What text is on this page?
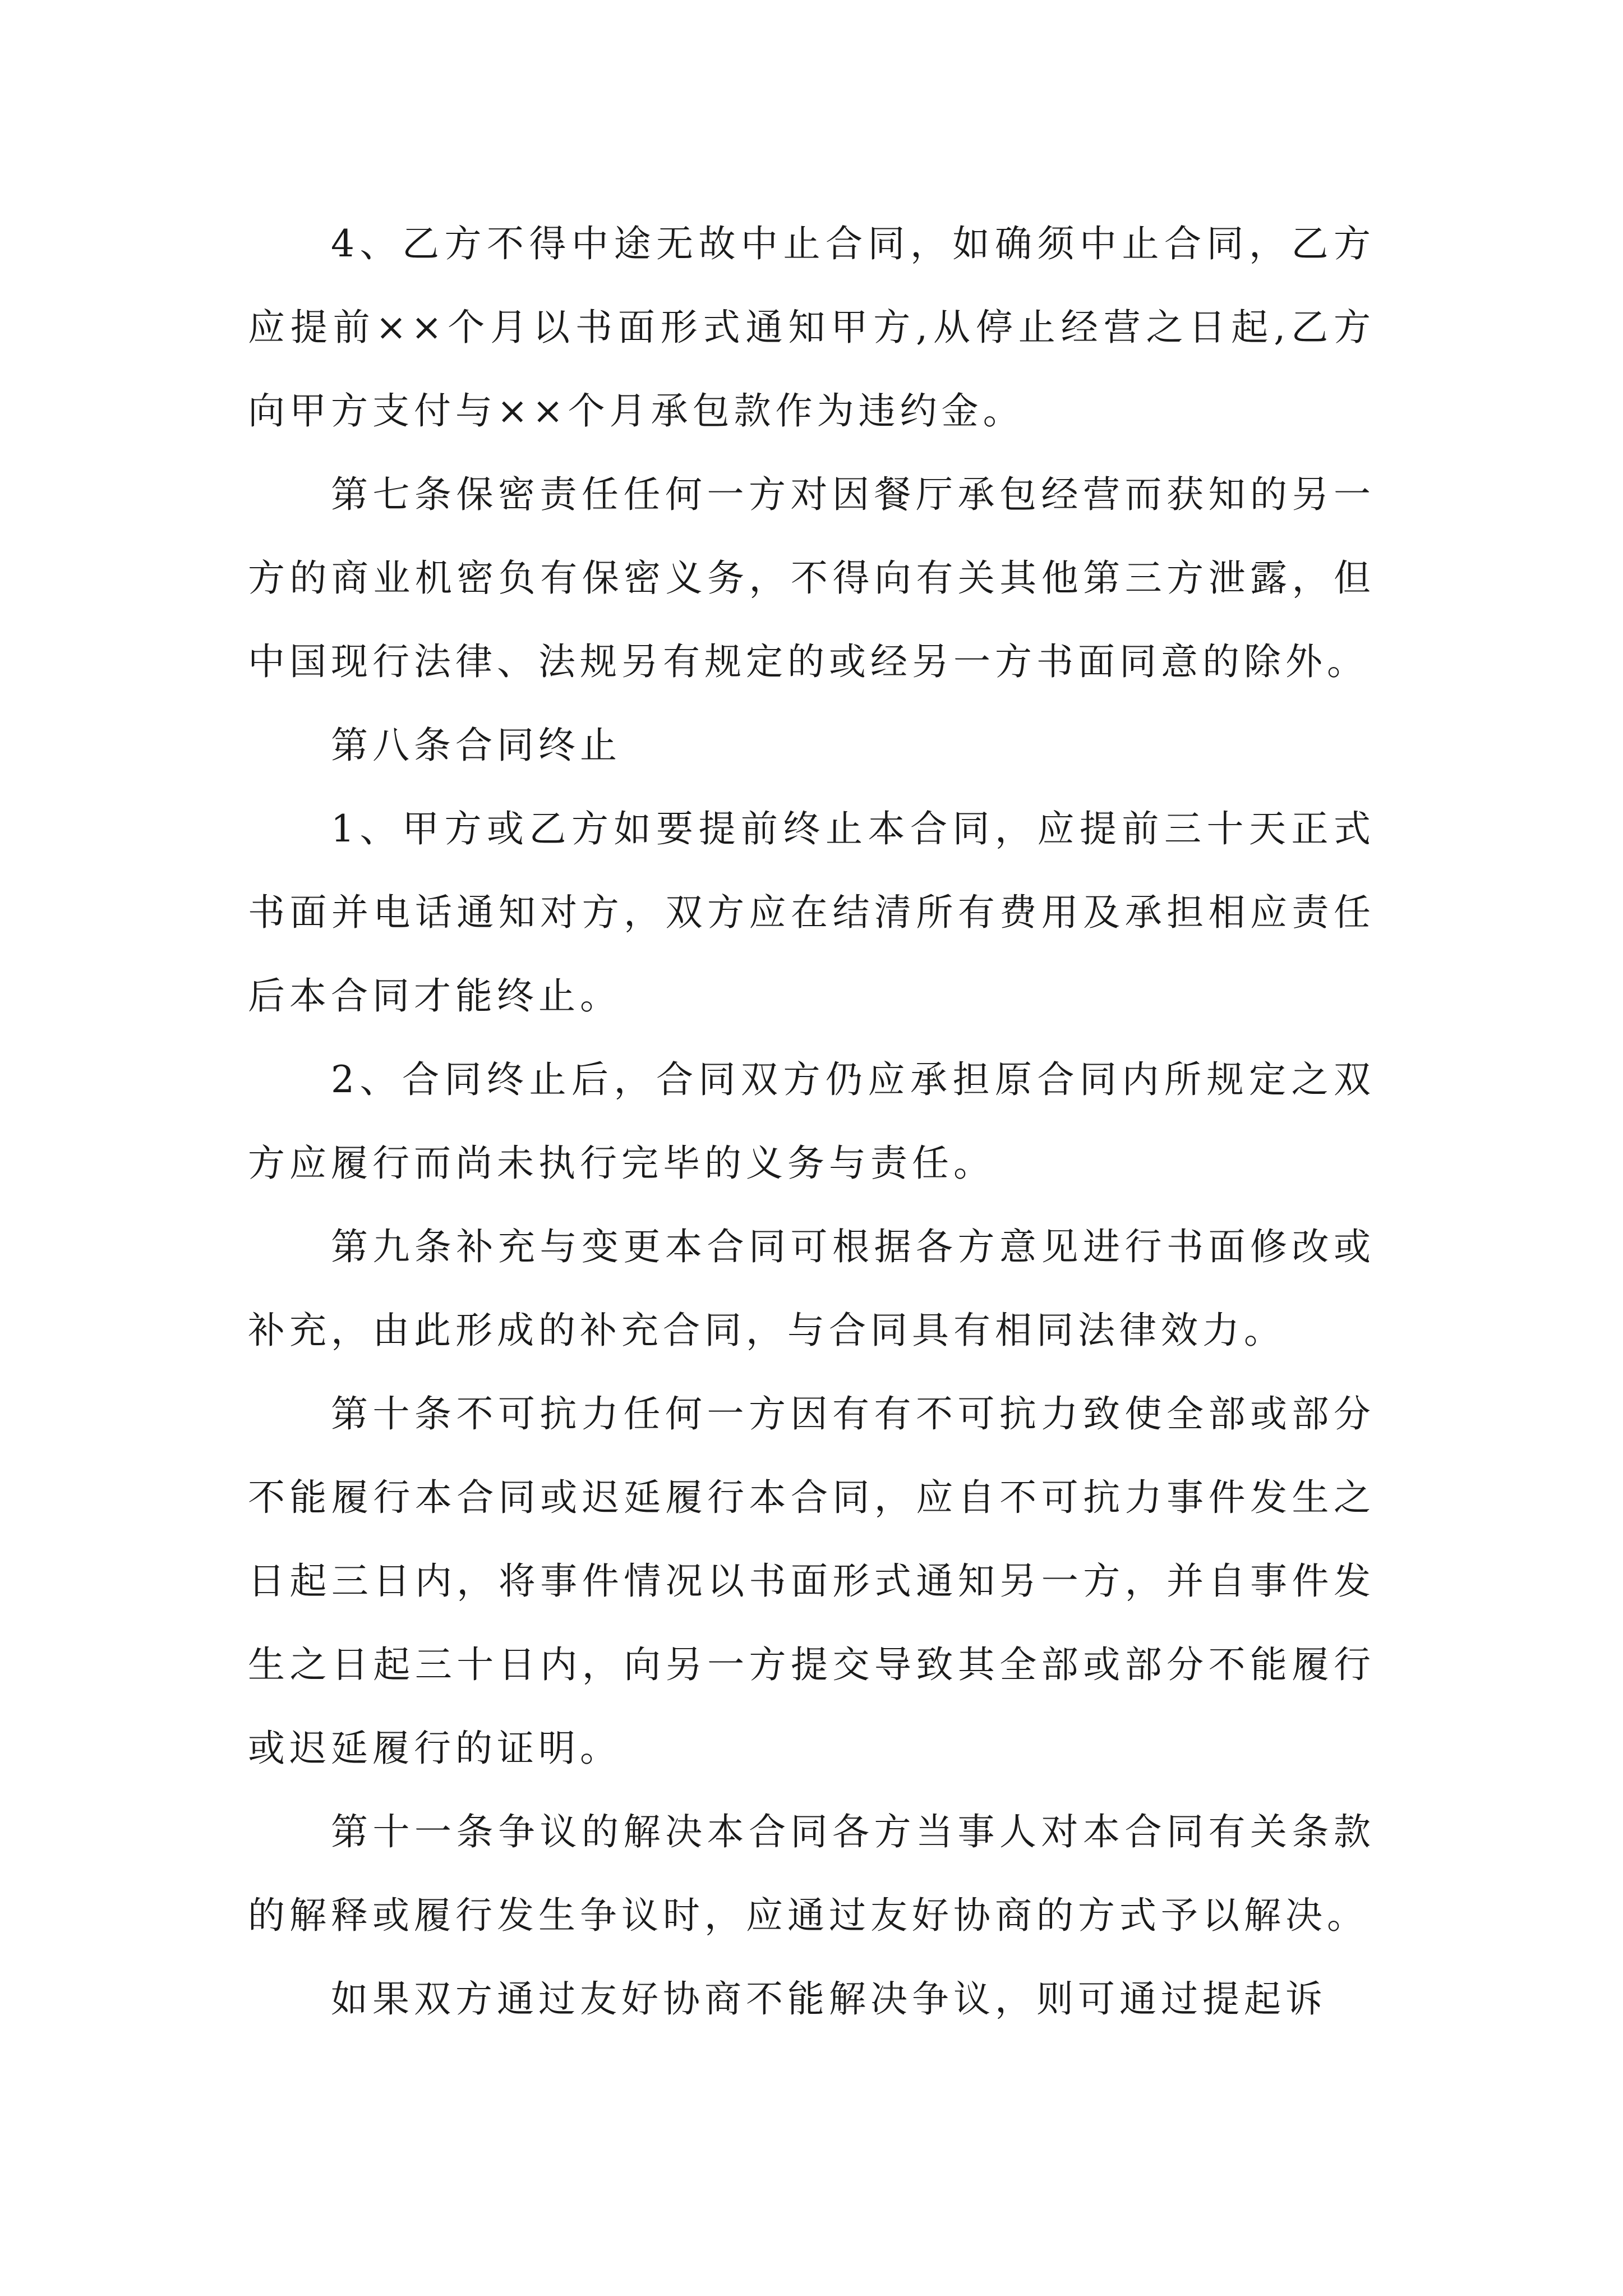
4、乙方不得中途无故中止合同，如确须中止合同，乙方应提前××个月以书面形式通知甲方,从停止经营之日起,乙方向甲方支付与××个月承包款作为违约金。

第七条保密责任任何一方对因餐厅承包经营而获知的另一方的商业机密负有保密义务，不得向有关其他第三方泄露，但中国现行法律、法规另有规定的或经另一方书面同意的除外。

第八条合同终止

1、甲方或乙方如要提前终止本合同，应提前三十天正式书面并电话通知对方，双方应在结清所有费用及承担相应责任后本合同才能终止。

2、合同终止后，合同双方仍应承担原合同内所规定之双方应履行而尚未执行完毕的义务与责任。

第九条补充与变更本合同可根据各方意见进行书面修改或补充，由此形成的补充合同，与合同具有相同法律效力。

第十条不可抗力任何一方因有有不可抗力致使全部或部分不能履行本合同或迟延履行本合同，应自不可抗力事件发生之日起三日内，将事件情况以书面形式通知另一方，并自事件发生之日起三十日内，向另一方提交导致其全部或部分不能履行或迟延履行的证明。

第十一条争议的解决本合同各方当事人对本合同有关条款的解释或履行发生争议时，应通过友好协商的方式予以解决。

如果双方通过友好协商不能解决争议，则可通过提起诉
